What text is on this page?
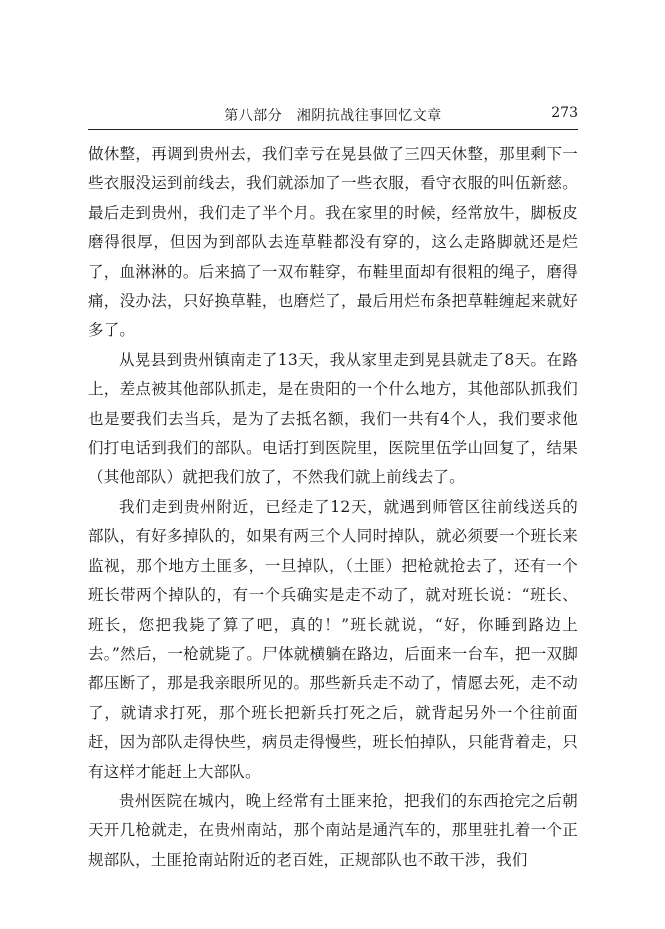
第八部分　湘阴抗战往事回忆文章	273

做休整，再调到贵州去，我们幸亏在晃县做了三四天休整，那里剩下一些衣服没运到前线去，我们就添加了一些衣服，看守衣服的叫伍新慈。最后走到贵州，我们走了半个月。我在家里的时候，经常放牛，脚板皮磨得很厚，但因为到部队去连草鞋都没有穿的，这么走路脚就还是烂了，血淋淋的。后来搞了一双布鞋穿，布鞋里面却有很粗的绳子，磨得痛，没办法，只好换草鞋，也磨烂了，最后用烂布条把草鞋缠起来就好多了。

从晃县到贵州镇南走了13天，我从家里走到晃县就走了8天。在路上，差点被其他部队抓走，是在贵阳的一个什么地方，其他部队抓我们也是要我们去当兵，是为了去抵名额，我们一共有4个人，我们要求他们打电话到我们的部队。电话打到医院里，医院里伍学山回复了，结果（其他部队）就把我们放了，不然我们就上前线去了。

我们走到贵州附近，已经走了12天，就遇到师管区往前线送兵的部队，有好多掉队的，如果有两三个人同时掉队，就必须要一个班长来监视，那个地方土匪多，一旦掉队，（土匪）把枪就抢去了，还有一个班长带两个掉队的，有一个兵确实是走不动了，就对班长说：“班长、班长，您把我毙了算了吧，真的！”班长就说，“好，你睡到路边上去。”然后，一枪就毙了。尸体就横躺在路边，后面来一台车，把一双脚都压断了，那是我亲眼所见的。那些新兵走不动了，情愿去死，走不动了，就请求打死，那个班长把新兵打死之后，就背起另外一个往前面赶，因为部队走得快些，病员走得慢些，班长怕掉队，只能背着走，只有这样才能赶上大部队。

贵州医院在城内，晚上经常有土匪来抢，把我们的东西抢完之后朝天开几枪就走，在贵州南站，那个南站是通汽车的，那里驻扎着一个正规部队，土匪抢南站附近的老百姓，正规部队也不敢干涉，我们
